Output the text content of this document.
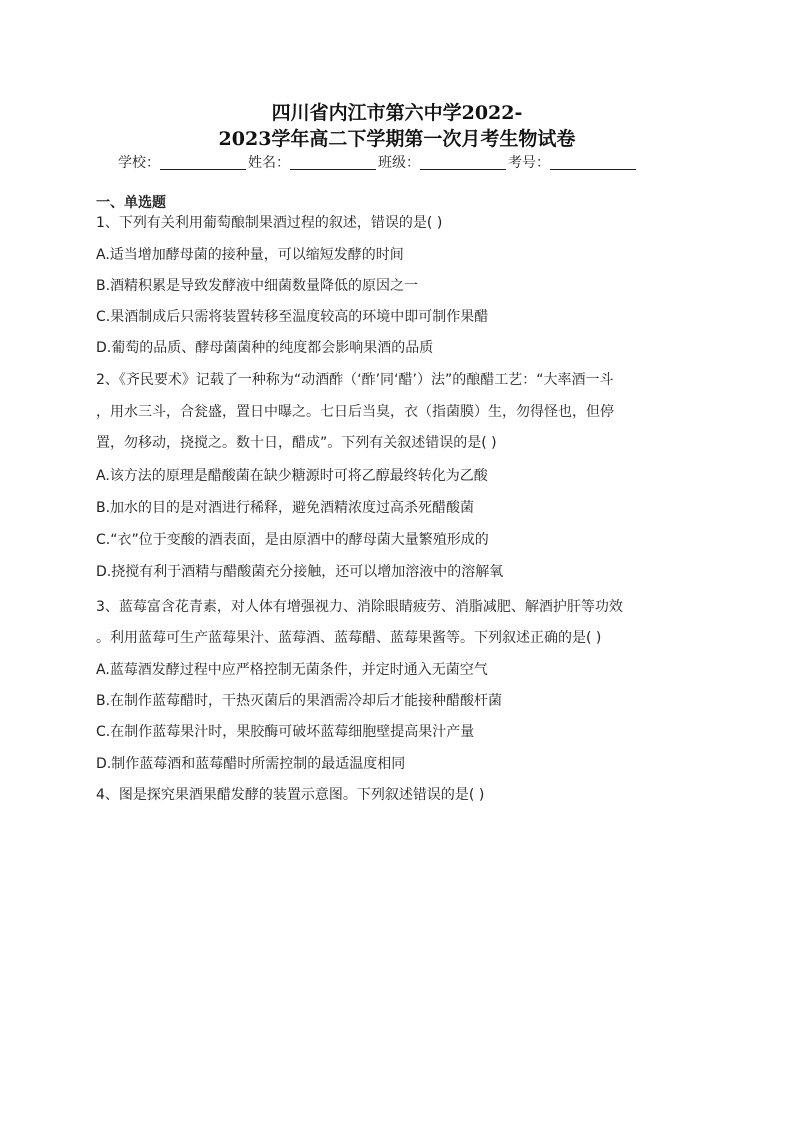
四川省内江市第六中学2022-
2023学年高二下学期第一次月考生物试卷
学校：	姓名：	班级：	考号：
一、单选题
1、下列有关利用葡萄酿制果酒过程的叙述，错误的是( )
A.适当增加酵母菌的接种量，可以缩短发酵的时间
B.酒精积累是导致发酵液中细菌数量降低的原因之一
C.果酒制成后只需将装置转移至温度较高的环境中即可制作果醋
D.葡萄的品质、酵母菌菌种的纯度都会影响果酒的品质
2、《齐民要术》记载了一种称为“动酒酢（‘酢’同‘醋’）法”的酿醋工艺：“大率酒一斗
，用水三斗，合瓮盛，置日中曝之。七日后当臭，衣（指菌膜）生，勿得怪也，但停
置，勿移动，挠搅之。数十日，醋成”。下列有关叙述错误的是( )
A.该方法的原理是醋酸菌在缺少糖源时可将乙醇最终转化为乙酸
B.加水的目的是对酒进行稀释，避免酒精浓度过高杀死醋酸菌
C.“衣”位于变酸的酒表面，是由原酒中的酵母菌大量繁殖形成的
D.挠搅有利于酒精与醋酸菌充分接触，还可以增加溶液中的溶解氧
3、蓝莓富含花青素，对人体有增强视力、消除眼睛疲劳、消脂减肥、解酒护肝等功效
。利用蓝莓可生产蓝莓果汁、蓝莓酒、蓝莓醋、蓝莓果酱等。下列叙述正确的是( )
A.蓝莓酒发酵过程中应严格控制无菌条件，并定时通入无菌空气
B.在制作蓝莓醋时，干热灭菌后的果酒需冷却后才能接种醋酸杆菌
C.在制作蓝莓果汁时，果胶酶可破坏蓝莓细胞壁提高果汁产量
D.制作蓝莓酒和蓝莓醋时所需控制的最适温度相同
4、图是探究果酒果醋发酵的装置示意图。下列叙述错误的是( )
